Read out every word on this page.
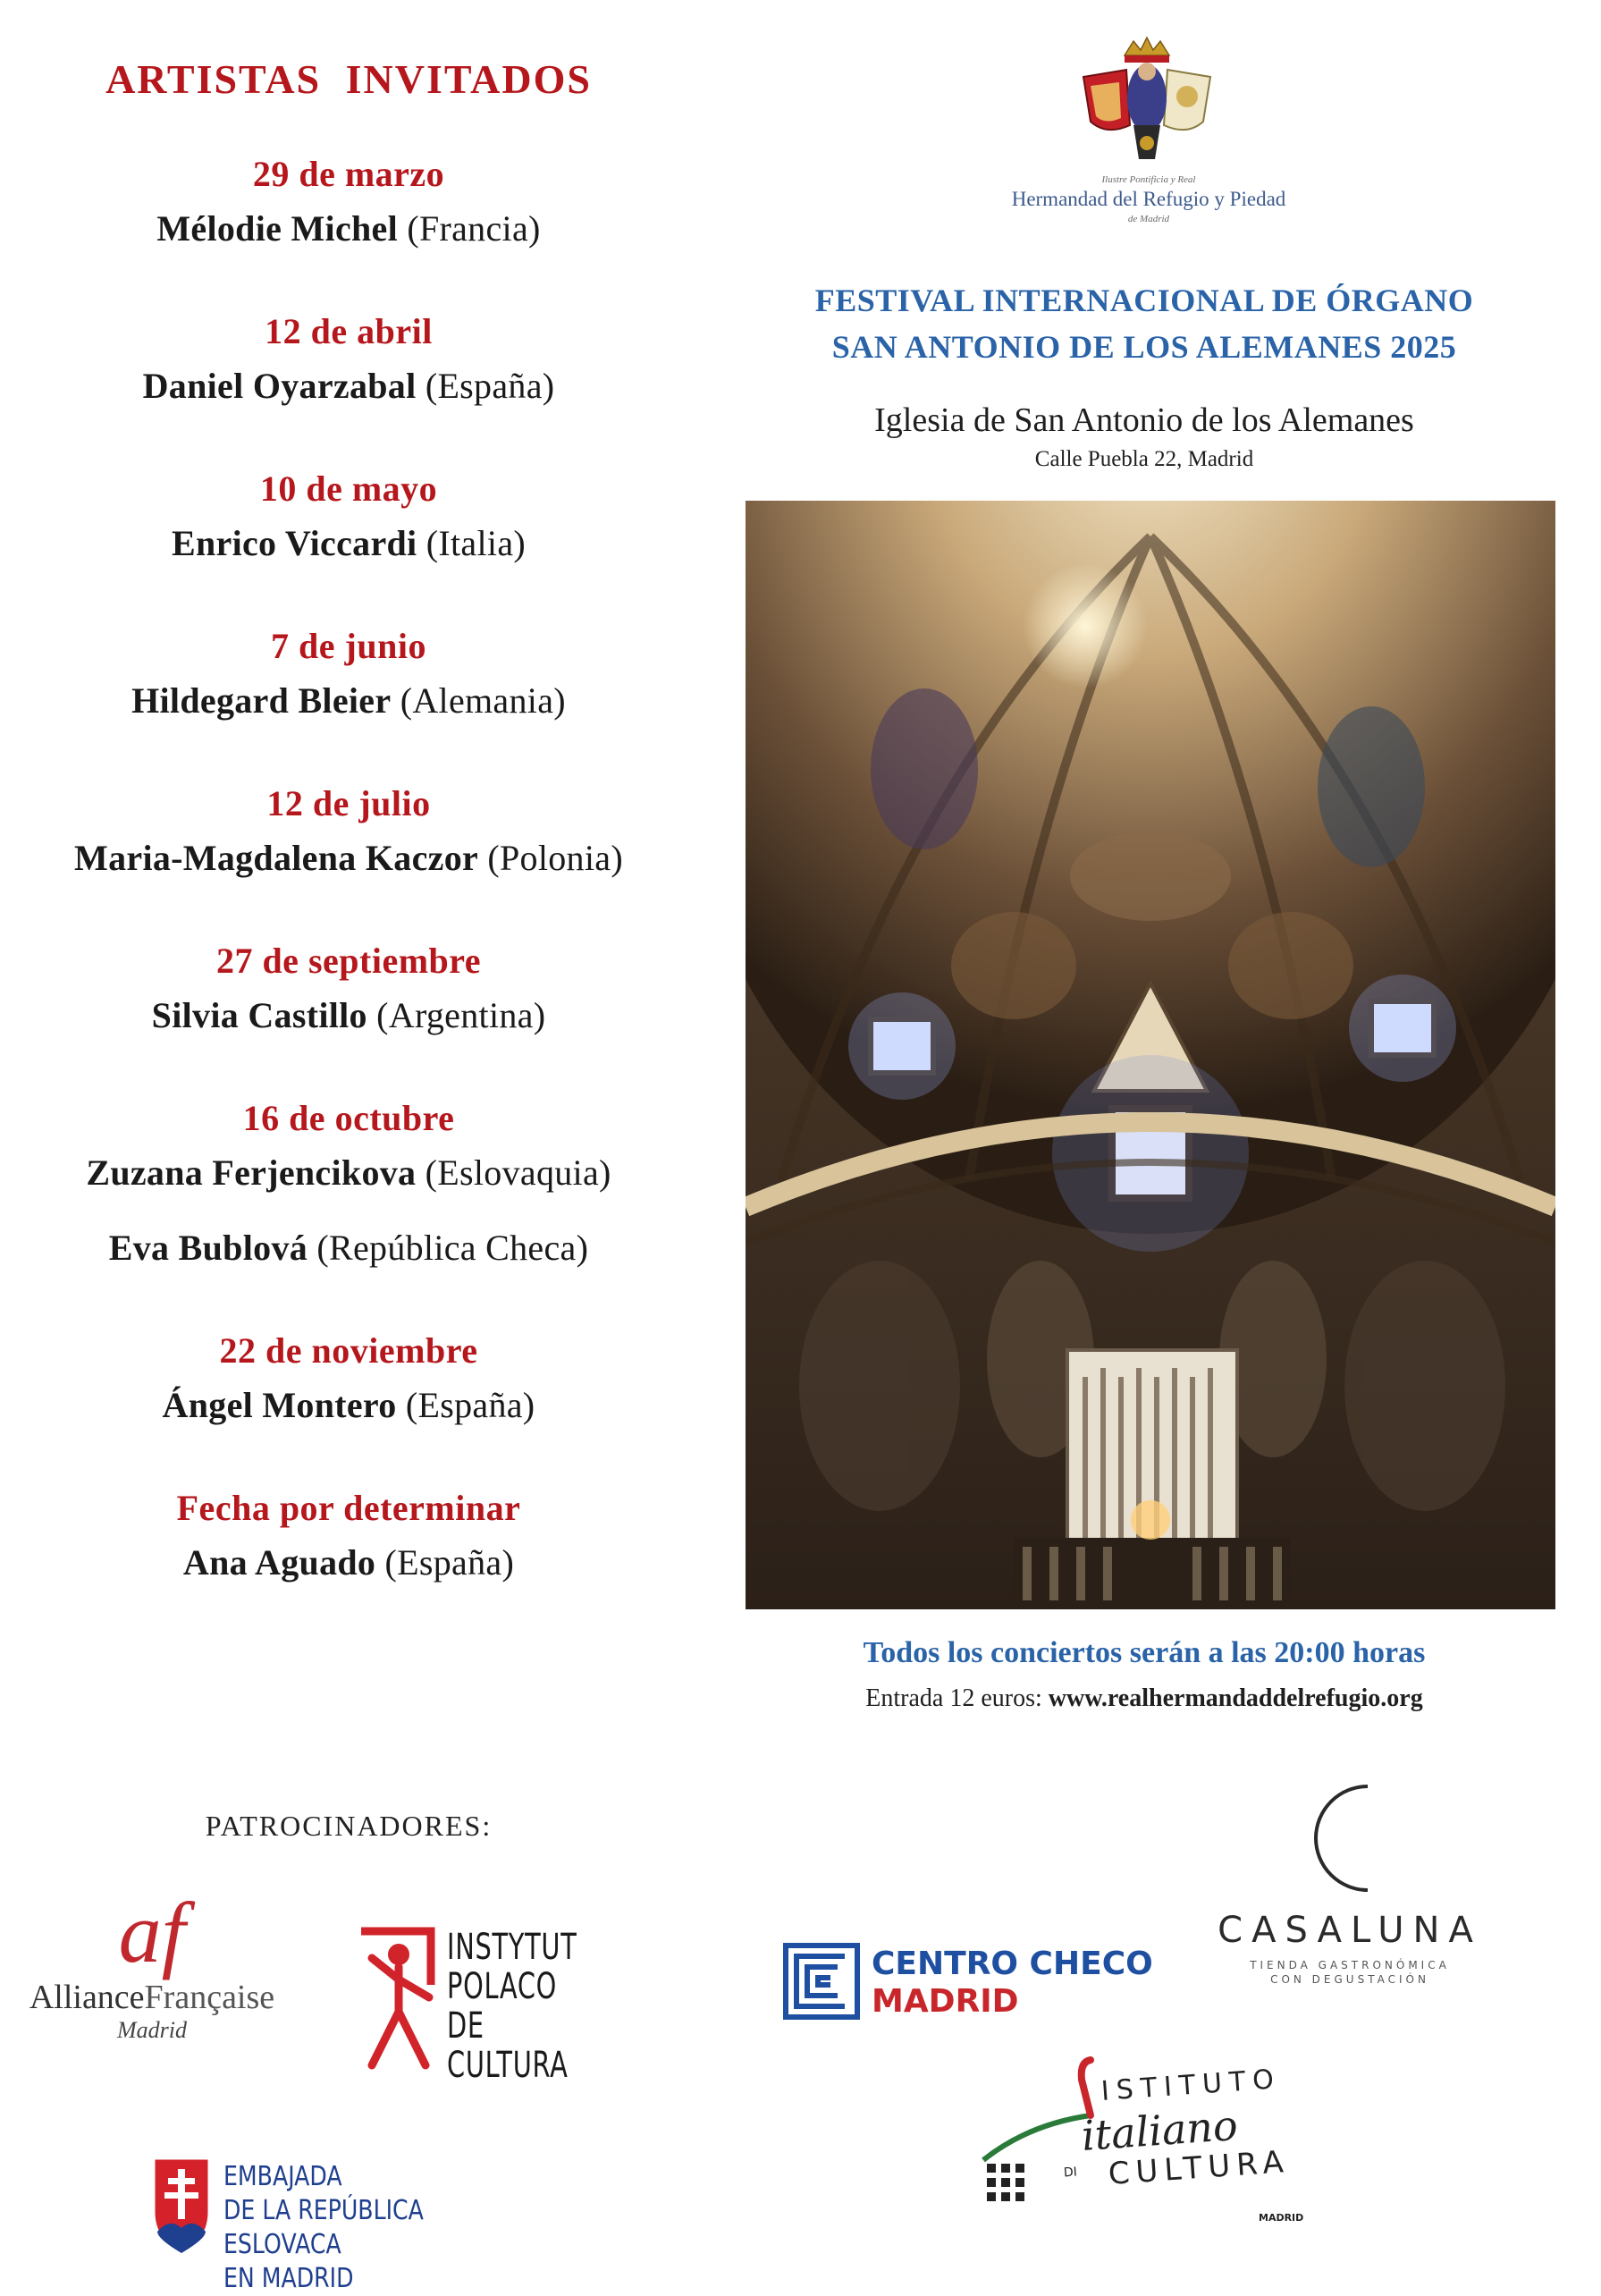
ARTISTAS INVITADOS
29 de marzo
Mélodie Michel (Francia)
12 de abril
Daniel Oyarzabal (España)
10 de mayo
Enrico Viccardi (Italia)
7 de junio
Hildegard Bleier (Alemania)
12 de julio
Maria-Magdalena Kaczor (Polonia)
27 de septiembre
Silvia Castillo (Argentina)
16 de octubre
Zuzana Ferjencikova (Eslovaquia)
Eva Bublová (República Checa)
22 de noviembre
Ángel Montero (España)
Fecha por determinar
Ana Aguado (España)
Ilustre Pontificia y Real
Hermandad del Refugio y Piedad
de Madrid
FESTIVAL INTERNACIONAL DE ÓRGANO
SAN ANTONIO DE LOS ALEMANES 2025
Iglesia de San Antonio de los Alemanes
Calle Puebla 22, Madrid
Todos los conciertos serán a las 20:00 horas
Entrada 12 euros: www.realhermandaddelrefugio.org
PATROCINADORES:
af
AllianceFrançaise
Madrid
INSTYTUT
POLACO
DE CULTURA
CENTRO CHECO
MADRID
CASALUNA
TIENDA GASTRONÓMICA
CON DEGUSTACIÓN
ISTITUTO
italiano
DI CULTURA
MADRID
EMBAJADA
DE LA REPÚBLICA ESLOVACA
EN MADRID
